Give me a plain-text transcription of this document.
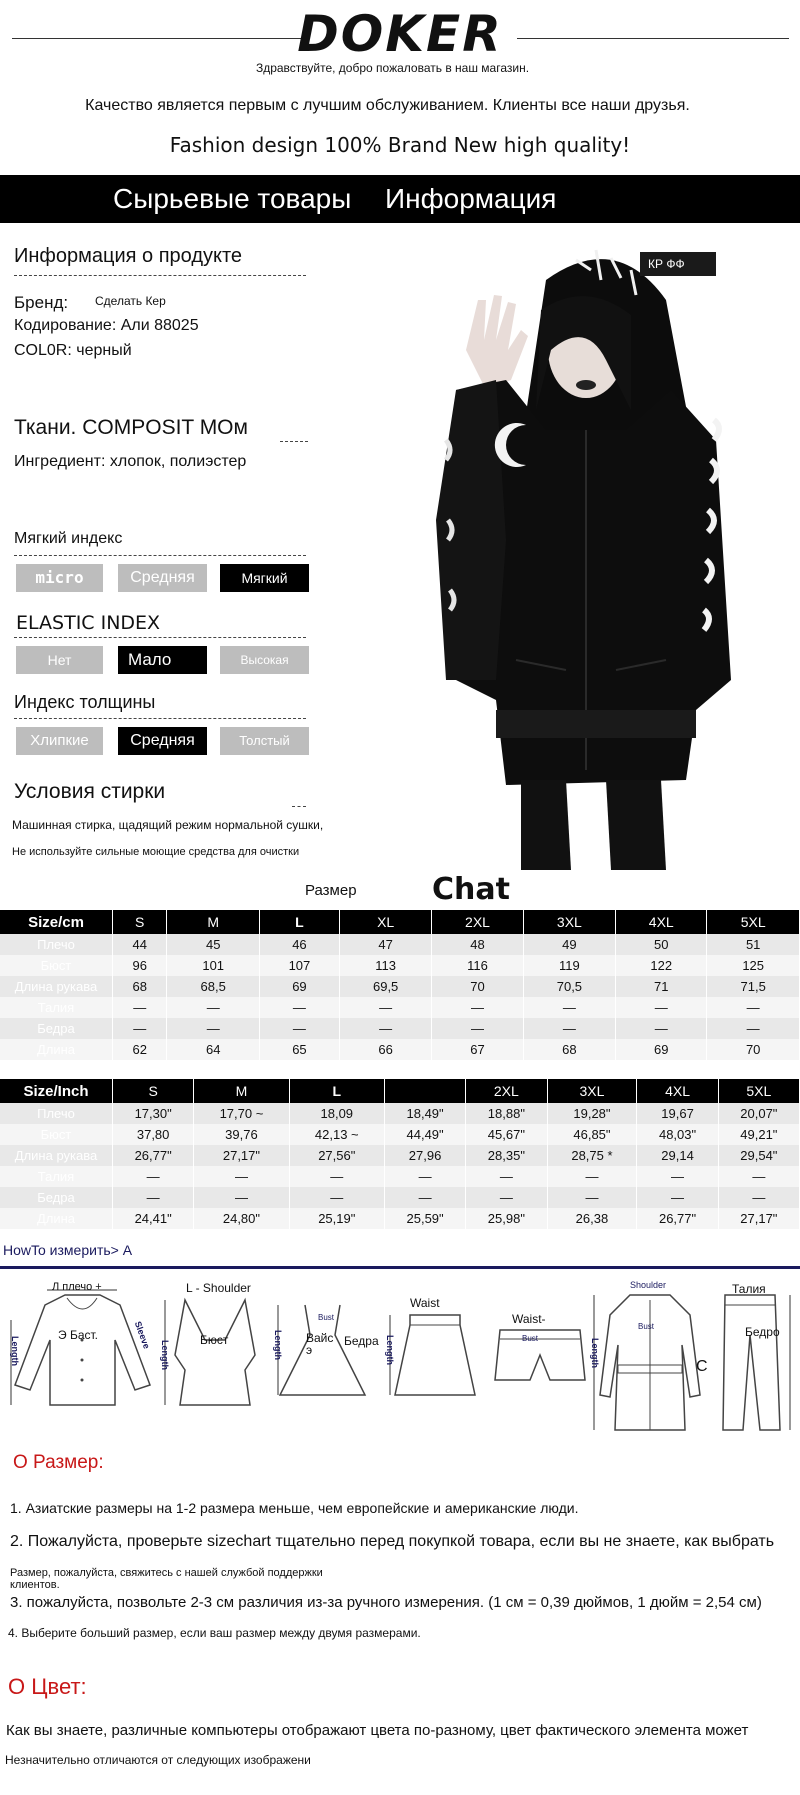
DOKER
Здравствуйте, добро пожаловать в наш магазин.
Качество является первым с лучшим обслуживанием. Клиенты все наши друзья.
Fashion design 100% Brand New high quality!
Сырьевые товары Информация
Информация о продукте
Бренд: Сделать Кер
Кодирование: Али 88025
COL0R: черный
Ткани. COMPOSIT MOм
Ингредиент: хлопок, полиэстер
Мягкий индекс
micro	Средняя	Мягкий
ELASTIC INDEX
Нет	Мало	Высокая
Индекс толщины
Хлипкие	Средняя	Толстый
Условия стирки
Машинная стирка, щадящий режим нормальной сушки,
Не используйте сильные моющие средства для очистки
КР ФФ
Размер	Chat
Size/cm	S	M	L	XL	2XL	3XL	4XL	5XL
Плечо	44	45	46	47	48	49	50	51
Бюст	96	101	107	113	116	119	122	125
Длина рукава	68	68,5	69	69,5	70	70,5	71	71,5
Талия	—	—	—	—	—	—	—	—
Бедра	—	—	—	—	—	—	—	—
Длина	62	64	65	66	67	68	69	70
Size/Inch	S	M	L		2XL	3XL	4XL	5XL
Плечо	17,30"	17,70 ~	18,09	18,49"	18,88"	19,28"	19,67	20,07"
Бюст	37,80	39,76	42,13 ~	44,49"	45,67"	46,85"	48,03"	49,21"
Длина рукава	26,77"	27,17"	27,56"	27,96	28,35"	28,75 *	29,14	29,54"
Талия	—	—	—	—	—	—	—	—
Бедра	—	—	—	—	—	—	—	—
Длина	24,41"	24,80"	25,19"	25,59"	25,98"	26,38	26,77"	27,17"
HowTo измерить> A
Л плечо +
Э Баст.	Sleeve
Length
L - Shoulder
Бюст
Length
Bust
Вайс
э
Бедра
Length
Waist
Length
Waist-
Bust
Shoulder
Bust
C
Length
Талия
Бедро
О Размер:
1. Азиатские размеры на 1-2 размера меньше, чем европейские и американские люди.
2. Пожалуйста, проверьте sizechart тщательно перед покупкой товара, если вы не знаете, как выбрать
Размер, пожалуйста, свяжитесь с нашей службой поддержки клиентов.
3. пожалуйста, позвольте 2-3 см различия из-за ручного измерения. (1 см = 0,39 дюймов, 1 дюйм = 2,54 см)
4. Выберите больший размер, если ваш размер между двумя размерами.
О Цвет:
Как вы знаете, различные компьютеры отображают цвета по-разному, цвет фактического элемента может
Незначительно отличаются от следующих изображени
